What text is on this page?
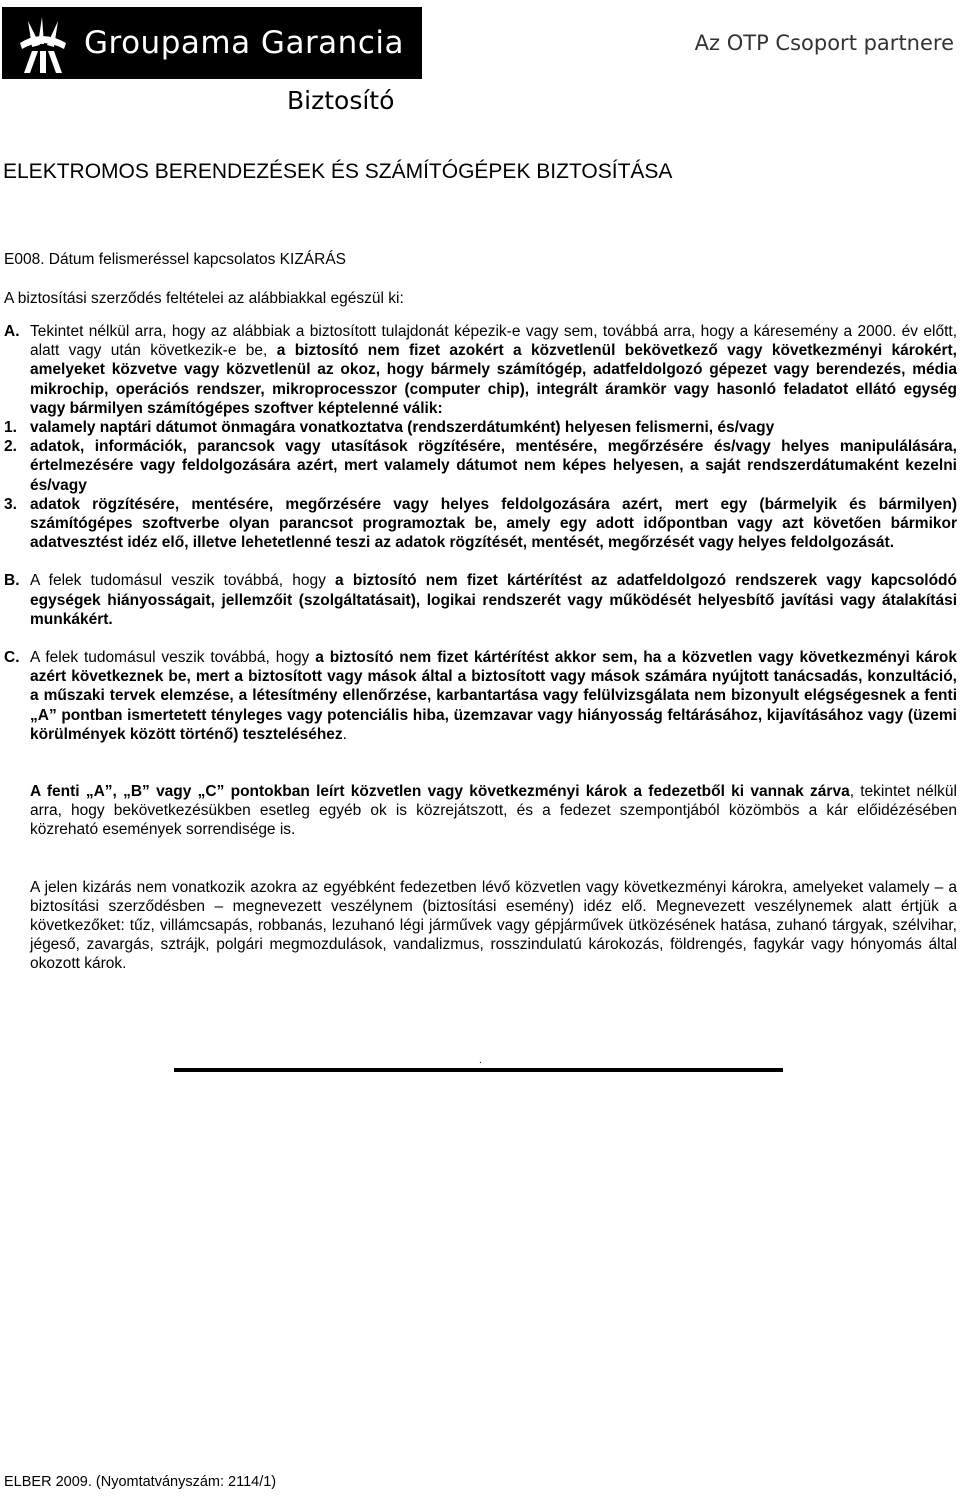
Groupama Garancia	Az OTP Csoport partnere
Biztosító
ELEKTROMOS BERENDEZÉSEK ÉS SZÁMÍTÓGÉPEK BIZTOSÍTÁSA
E008. Dátum felismeréssel kapcsolatos KIZÁRÁS
A biztosítási szerződés feltételei az alábbiakkal egészül ki:
A. Tekintet nélkül arra, hogy az alábbiak a biztosított tulajdonát képezik-e vagy sem, továbbá arra, hogy a káresemény a 2000. év előtt, alatt vagy után következik-e be, a biztosító nem fizet azokért a közvetlenül bekövetkező vagy következményi károkért, amelyeket közvetve vagy közvetlenül az okoz, hogy bármely számítógép, adatfeldolgozó gépezet vagy berendezés, média mikrochip, operációs rendszer, mikroprocesszor (computer chip), integrált áramkör vagy hasonló feladatot ellátó egység vagy bármilyen számítógépes szoftver képtelenné válik:
1. valamely naptári dátumot önmagára vonatkoztatva (rendszerdátumként) helyesen felismerni, és/vagy
2. adatok, információk, parancsok vagy utasítások rögzítésére, mentésére, megőrzésére és/vagy helyes manipulálására, értelmezésére vagy feldolgozására azért, mert valamely dátumot nem képes helyesen, a saját rendszerdátumaként kezelni és/vagy
3. adatok rögzítésére, mentésére, megőrzésére vagy helyes feldolgozására azért, mert egy (bármelyik és bármilyen) számítógépes szoftverbe olyan parancsot programoztak be, amely egy adott időpontban vagy azt követően bármikor adatvesztést idéz elő, illetve lehetetlenné teszi az adatok rögzítését, mentését, megőrzését vagy helyes feldolgozását.
B. A felek tudomásul veszik továbbá, hogy a biztosító nem fizet kártérítést az adatfeldolgozó rendszerek vagy kapcsolódó egységek hiányosságait, jellemzőit (szolgáltatásait), logikai rendszerét vagy működését helyesbítő javítási vagy átalakítási munkákért.
C. A felek tudomásul veszik továbbá, hogy a biztosító nem fizet kártérítést akkor sem, ha a közvetlen vagy következményi károk azért következnek be, mert a biztosított vagy mások által a biztosított vagy mások számára nyújtott tanácsadás, konzultáció, a műszaki tervek elemzése, a létesítmény ellenőrzése, karbantartása vagy felülvizsgálata nem bizonyult elégségesnek a fenti „A” pontban ismertetett tényleges vagy potenciális hiba, üzemzavar vagy hiányosság feltárásához, kijavításához vagy (üzemi körülmények között történő) teszteléséhez.
A fenti „A”, „B” vagy „C” pontokban leírt közvetlen vagy következményi károk a fedezetből ki vannak zárva, tekintet nélkül arra, hogy bekövetkezésükben esetleg egyéb ok is közrejátszott, és a fedezet szempontjából közömbös a kár előidézésében közreható események sorrendisége is.
A jelen kizárás nem vonatkozik azokra az egyébként fedezetben lévő közvetlen vagy következményi károkra, amelyeket valamely – a biztosítási szerződésben – megnevezett veszélynem (biztosítási esemény) idéz elő. Megnevezett veszélynemek alatt értjük a következőket: tűz, villámcsapás, robbanás, lezuhanó légi járművek vagy gépjárművek ütközésének hatása, zuhanó tárgyak, szélvihar, jégeső, zavargás, sztrájk, polgári megmozdulások, vandalizmus, rosszindulatú károkozás, földrengés, fagykár vagy hónyomás által okozott károk.
.
ELBER 2009. (Nyomtatványszám: 2114/1)
